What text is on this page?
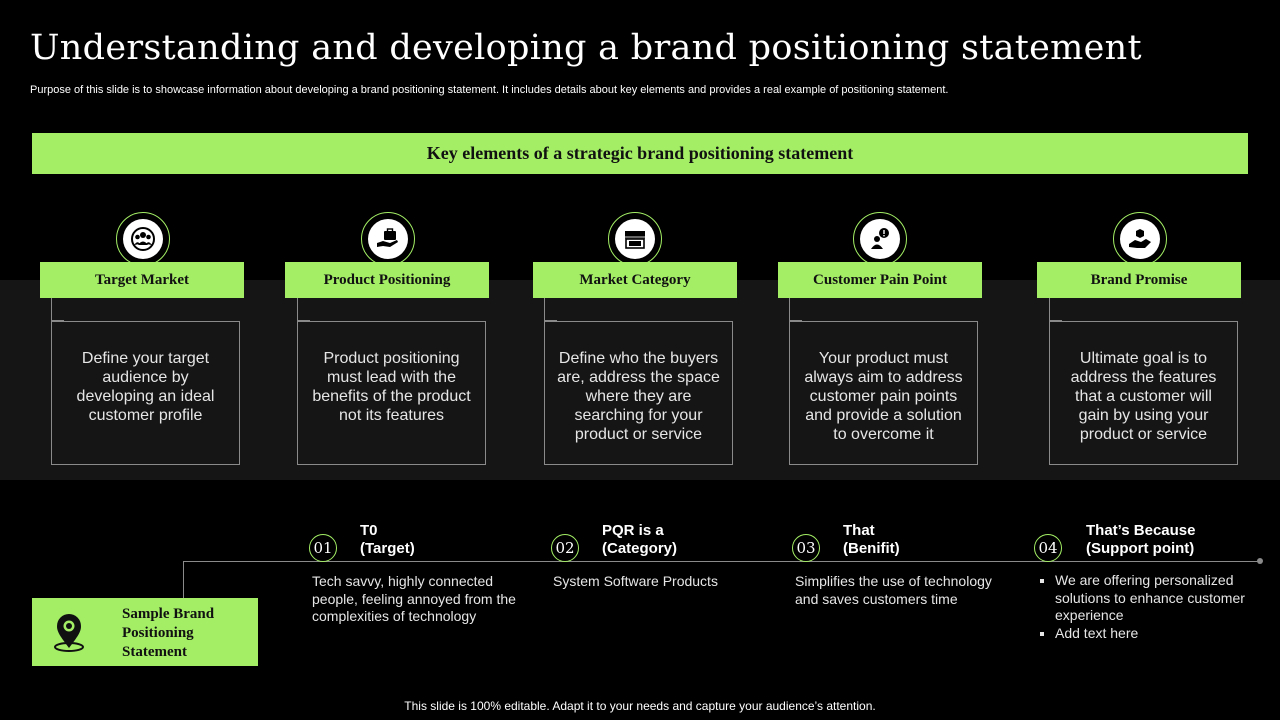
Understanding and developing a brand positioning statement
Purpose of this slide is to showcase information about developing a brand positioning statement. It includes details about key elements and provides a real example of positioning statement.
Key elements of a strategic brand positioning statement
Target Market
Define your target audience by developing an ideal customer profile
Product Positioning
Product positioning must lead with the benefits of the product not its features
Market Category
Define who the buyers are, address the space where they are searching for your product or service
Customer Pain Point
Your product must always aim to address customer pain points and provide a solution to overcome it
Brand Promise
Ultimate goal is to address the features that a customer will gain by using your product or service
Sample Brand Positioning Statement
01
T0
(Target)
Tech savvy, highly connected people, feeling annoyed from the complexities of technology
02
PQR is a
(Category)
System Software Products
03
That
(Benifit)
Simplifies the use of technology and saves customers time
04
That’s Because
(Support point)
We are offering personalized solutions to enhance customer experience
Add text here
This slide is 100% editable. Adapt it to your needs and capture your audience’s attention.
